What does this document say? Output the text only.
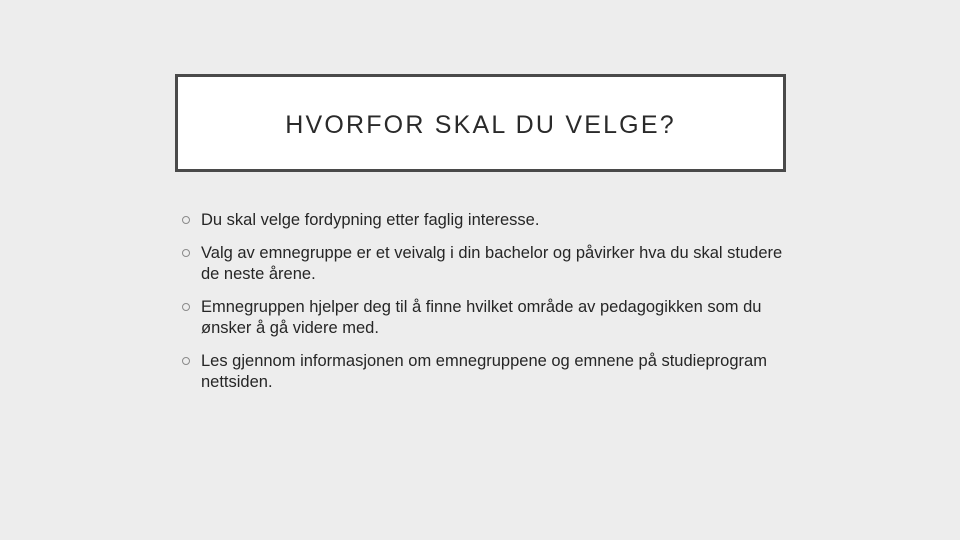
HVORFOR SKAL DU VELGE?
Du skal velge fordypning etter faglig interesse.
Valg av emnegruppe er et veivalg i din bachelor og påvirker hva du skal studere de neste årene.
Emnegruppen hjelper deg til å finne hvilket område av pedagogikken som du ønsker å gå videre med.
Les gjennom informasjonen om emnegruppene og emnene på studieprogram nettsiden.
